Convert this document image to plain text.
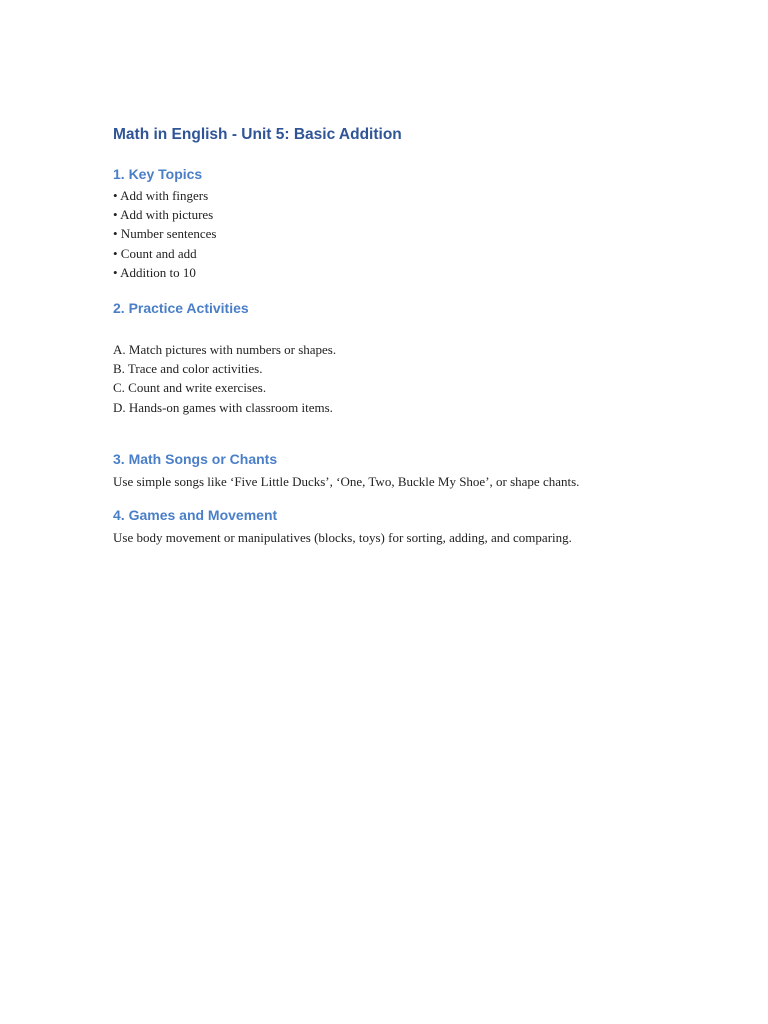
Math in English - Unit 5: Basic Addition
1. Key Topics
• Add with fingers
• Add with pictures
• Number sentences
• Count and add
• Addition to 10
2. Practice Activities

A. Match pictures with numbers or shapes.

B. Trace and color activities.

C. Count and write exercises.

D. Hands-on games with classroom items.

3. Math Songs or Chants

Use simple songs like ‘Five Little Ducks’, ‘One, Two, Buckle My Shoe’, or shape chants.

4. Games and Movement

Use body movement or manipulatives (blocks, toys) for sorting, adding, and comparing.
